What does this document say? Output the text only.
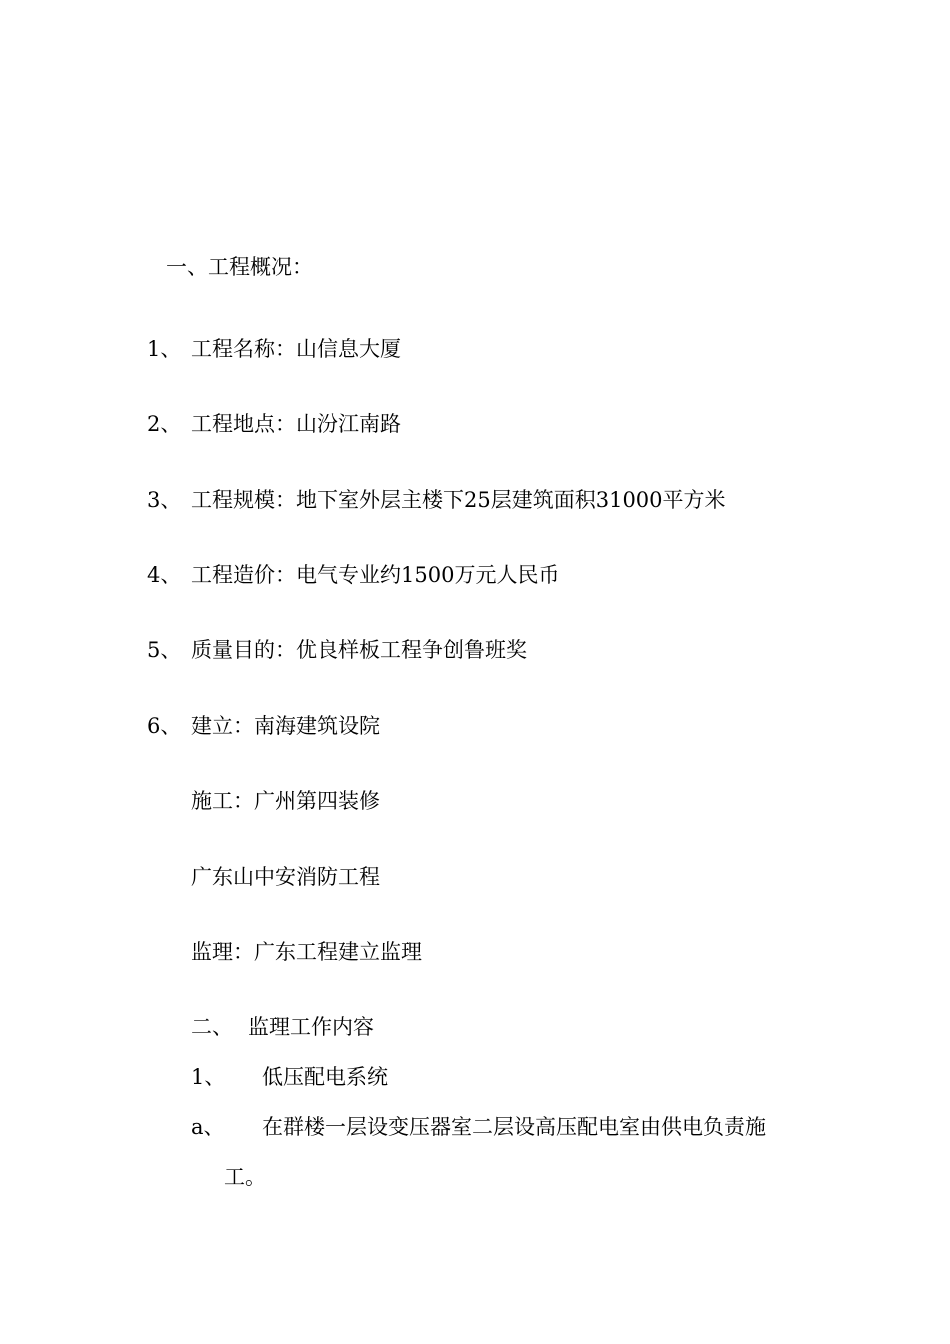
一、工程概况：
1、 工程名称：山信息大厦
2、 工程地点：山汾江南路
3、 工程规模：地下室外层主楼下25层建筑面积31000平方米
4、 工程造价：电气专业约1500万元人民币
5、 质量目的：优良样板工程争创鲁班奖
6、 建立：南海建筑设院
施工：广州第四装修
广东山中安消防工程
监理：广东工程建立监理
二、 监理工作内容
1、 低压配电系统
a、 在群楼一层设变压器室二层设高压配电室由供电负责施
工。
